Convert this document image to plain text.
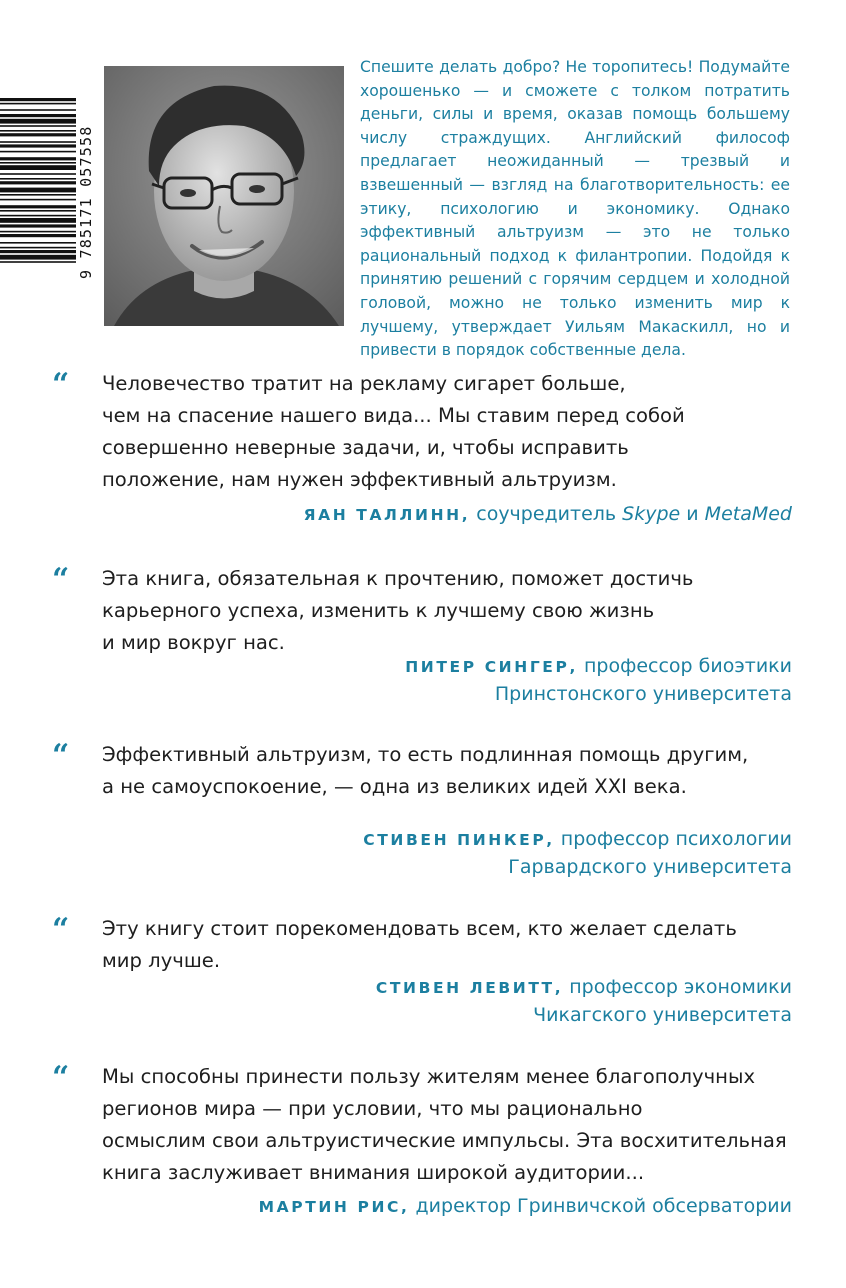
9 785171 057558
Спешите делать добро? Не торопитесь! Подумайте хорошенько — и сможете с толком потратить деньги, силы и время, оказав помощь большему числу страждущих. Английский философ предлагает неожиданный — трезвый и взвешенный — взгляд на благотворительность: ее этику, психологию и экономику. Однако эффективный альтруизм — это не только рациональный подход к филантропии. Подойдя к принятию решений с горячим сердцем и холодной головой, можно не только изменить мир к лучшему, утверждает Уильям Макаскилл, но и привести в порядок собственные дела.
“ Человечество тратит на рекламу сигарет больше,
чем на спасение нашего вида... Мы ставим перед собой
совершенно неверные задачи, и, чтобы исправить
положение, нам нужен эффективный альтруизм.
ЯАН ТАЛЛИНН, соучредитель Skype и MetaMed
“ Эта книга, обязательная к прочтению, поможет достичь
карьерного успеха, изменить к лучшему свою жизнь
и мир вокруг нас.
ПИТЕР СИНГЕР, профессор биоэтики
Принстонского университета
“ Эффективный альтруизм, то есть подлинная помощь другим,
а не самоуспокоение, — одна из великих идей XXI века.
СТИВЕН ПИНКЕР, профессор психологии
Гарвардского университета
“ Эту книгу стоит порекомендовать всем, кто желает сделать
мир лучше.
СТИВЕН ЛЕВИТТ, профессор экономики
Чикагского университета
“ Мы способны принести пользу жителям менее благополучных
регионов мира — при условии, что мы рационально
осмыслим свои альтруистические импульсы. Эта восхитительная
книга заслуживает внимания широкой аудитории...
МАРТИН РИС, директор Гринвичской обсерватории
